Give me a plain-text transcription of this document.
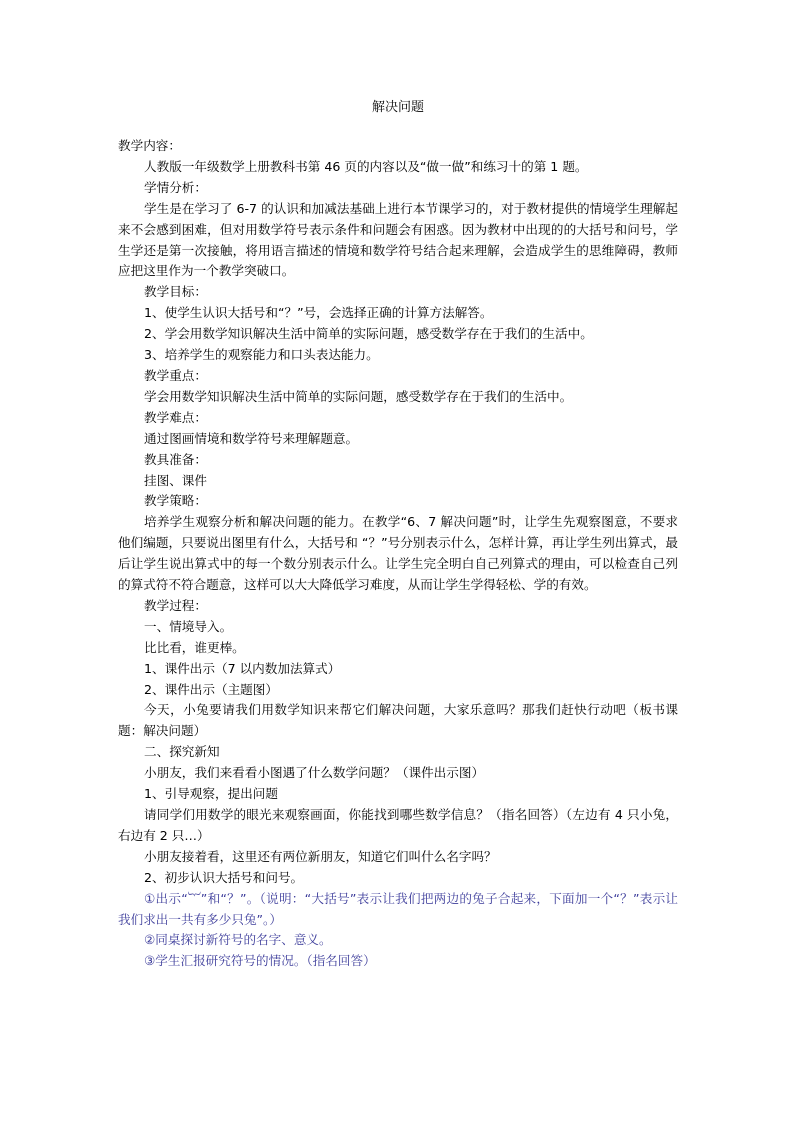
解决问题
教学内容：
人教版一年级数学上册教科书第 46 页的内容以及“做一做”和练习十的第 1 题。
学情分析：

学生是在学习了 6-7 的认识和加减法基础上进行本节课学习的，对于教材提供的情境学生理解起来不会感到困难，但对用数学符号表示条件和问题会有困惑。因为教材中出现的的大括号和问号，学生学还是第一次接触，将用语言描述的情境和数学符号结合起来理解，会造成学生的思维障碍，教师应把这里作为一个教学突破口。

教学目标：
1、使学生认识大括号和“？”号，会选择正确的计算方法解答。
2、学会用数学知识解决生活中简单的实际问题，感受数学存在于我们的生活中。
3、培养学生的观察能力和口头表达能力。
教学重点：
学会用数学知识解决生活中简单的实际问题，感受数学存在于我们的生活中。
教学难点：
通过图画情境和数学符号来理解题意。
教具准备：
挂图、课件
教学策略：

培养学生观察分析和解决问题的能力。在教学“6、7 解决问题”时，让学生先观察图意，不要求他们编题，只要说出图里有什么，大括号和 “？”号分别表示什么，怎样计算，再让学生列出算式，最后让学生说出算式中的每一个数分别表示什么。让学生完全明白自己列算式的理由，可以检查自己列的算式符不符合题意，这样可以大大降低学习难度，从而让学生学得轻松、学的有效。

教学过程：
一、情境导入。
比比看，谁更棒。
1、课件出示（7 以内数加法算式）
2、课件出示（主题图）

今天，小兔要请我们用数学知识来帮它们解决问题，大家乐意吗？那我们赶快行动吧（板书课题：解决问题）

二、探究新知
小朋友，我们来看看小图遇了什么数学问题？（课件出示图）
1、引导观察，提出问题

请同学们用数学的眼光来观察画面，你能找到哪些数学信息？（指名回答）（左边有 4 只小兔，右边有 2 只…）

小朋友接着看，这里还有两位新朋友，知道它们叫什么名字吗？
2、初步认识大括号和问号。

①出示“︸”和“？”。（说明：“大括号”表示让我们把两边的兔子合起来，下面加一个“？”表示让我们求出一共有多少只兔”。）

②同桌探讨新符号的名字、意义。
③学生汇报研究符号的情况。（指名回答）
